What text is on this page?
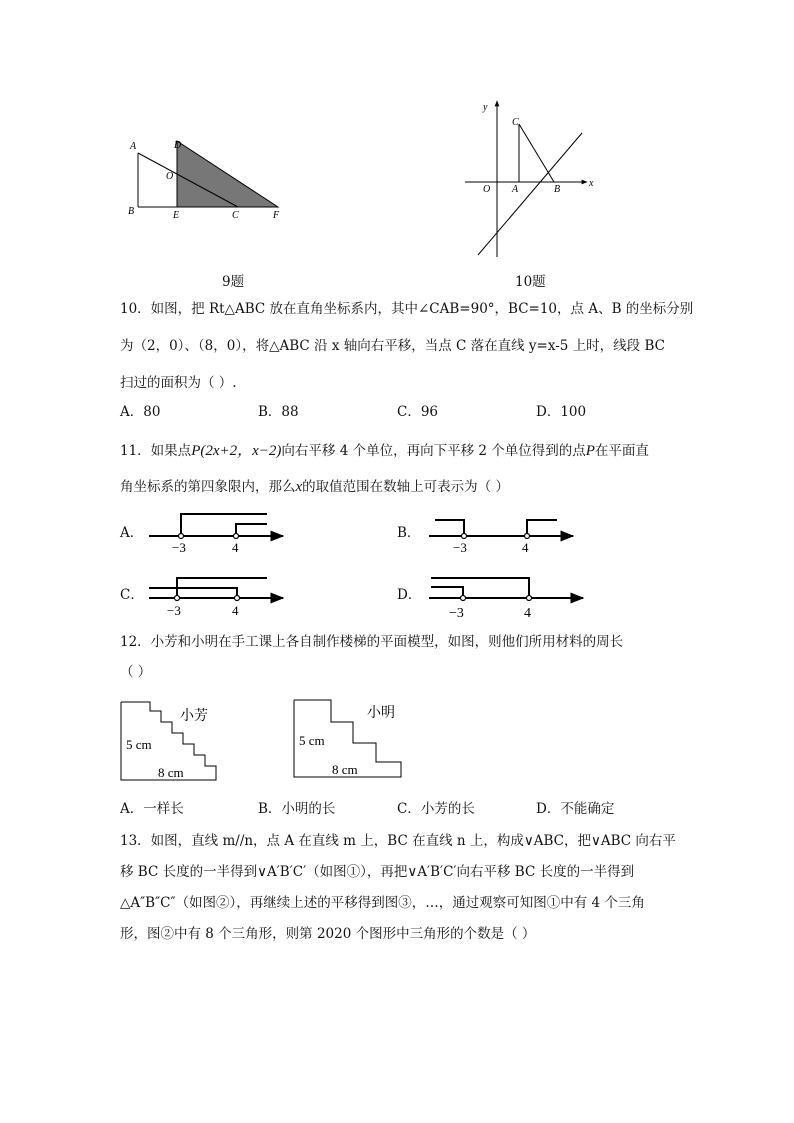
A
B
D
O
E	C	F
9题
y
x
O
C
A	B
10题
10．如图，把 Rt△ABC 放在直角坐标系内，其中∠CAB=90°，BC=10，点 A、B 的坐标分别
为（2，0）、（8，0），将△ABC 沿 x 轴向右平移，当点 C 落在直线 y=x-5 上时，线段 BC
扫过的面积为（ ）.
A．80	B．88	C．96	D．100
11．如果点P(2x+2，x−2)向右平移 4 个单位，再向下平移 2 个单位得到的点P在平面直
角坐标系的第四象限内，那么x的取值范围在数轴上可表示为（ ）
A．
−3	4
B．
−3	4
C．
−3	4
D．
−3	4
12．小芳和小明在手工课上各自制作楼梯的平面模型，如图，则他们所用材料的周长
（ ）
小芳
5 cm
8 cm
小明
5 cm
8 cm
A．一样长	B．小明的长	C．小芳的长	D．不能确定
13．如图，直线 m//n，点 A 在直线 m 上，BC 在直线 n 上，构成∨ABC，把∨ABC 向右平
移 BC 长度的一半得到∨A′B′C′（如图①），再把∨A′B′C′向右平移 BC 长度的一半得到
△A″B″C″（如图②），再继续上述的平移得到图③，…，通过观察可知图①中有 4 个三角
形，图②中有 8 个三角形，则第 2020 个图形中三角形的个数是（ ）
